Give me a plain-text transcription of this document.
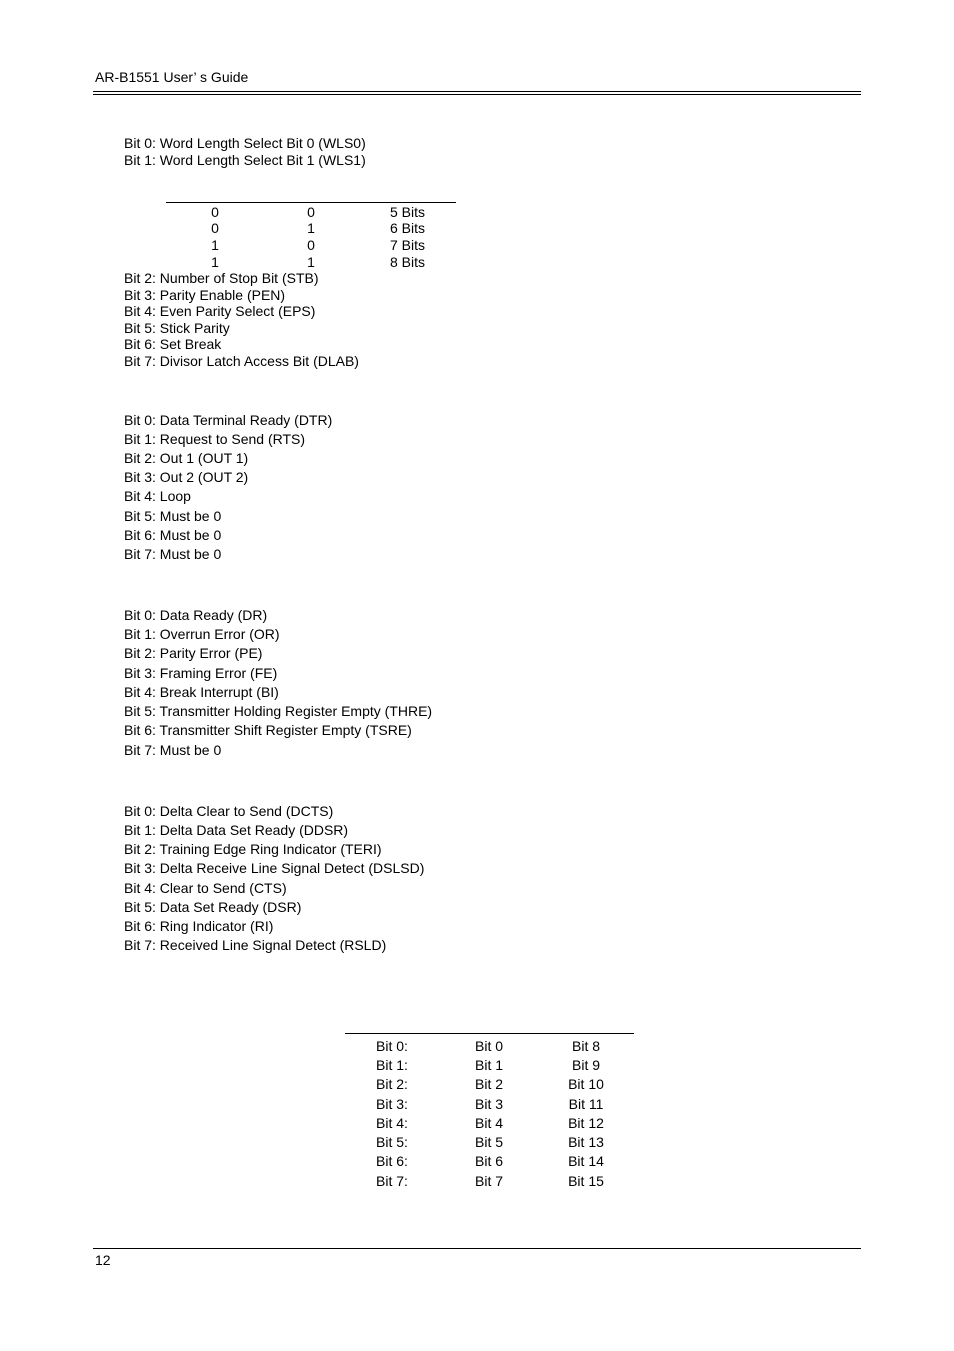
AR-B1551 User’ s Guide
Bit 0: Word Length Select Bit 0 (WLS0)
Bit 1: Word Length Select Bit 1 (WLS1)
0	0	5 Bits
0	1	6 Bits
1	0	7 Bits
1	1	8 Bits
Bit 2: Number of Stop Bit (STB)
Bit 3: Parity Enable (PEN)
Bit 4: Even Parity Select (EPS)
Bit 5: Stick Parity
Bit 6: Set Break
Bit 7: Divisor Latch Access Bit (DLAB)
Bit 0: Data Terminal Ready (DTR)
Bit 1: Request to Send (RTS)
Bit 2: Out 1 (OUT 1)
Bit 3: Out 2 (OUT 2)
Bit 4: Loop
Bit 5: Must be 0
Bit 6: Must be 0
Bit 7: Must be 0
Bit 0: Data Ready (DR)
Bit 1: Overrun Error (OR)
Bit 2: Parity Error (PE)
Bit 3: Framing Error (FE)
Bit 4: Break Interrupt (BI)
Bit 5: Transmitter Holding Register Empty (THRE)
Bit 6: Transmitter Shift Register Empty (TSRE)
Bit 7: Must be 0
Bit 0: Delta Clear to Send (DCTS)
Bit 1: Delta Data Set Ready (DDSR)
Bit 2: Training Edge Ring Indicator (TERI)
Bit 3: Delta Receive Line Signal Detect (DSLSD)
Bit 4: Clear to Send (CTS)
Bit 5: Data Set Ready (DSR)
Bit 6: Ring Indicator (RI)
Bit 7: Received Line Signal Detect (RSLD)
Bit 0:	Bit 0	Bit 8
Bit 1:	Bit 1	Bit 9
Bit 2:	Bit 2	Bit 10
Bit 3:	Bit 3	Bit 11
Bit 4:	Bit 4	Bit 12
Bit 5:	Bit 5	Bit 13
Bit 6:	Bit 6	Bit 14
Bit 7:	Bit 7	Bit 15
12
